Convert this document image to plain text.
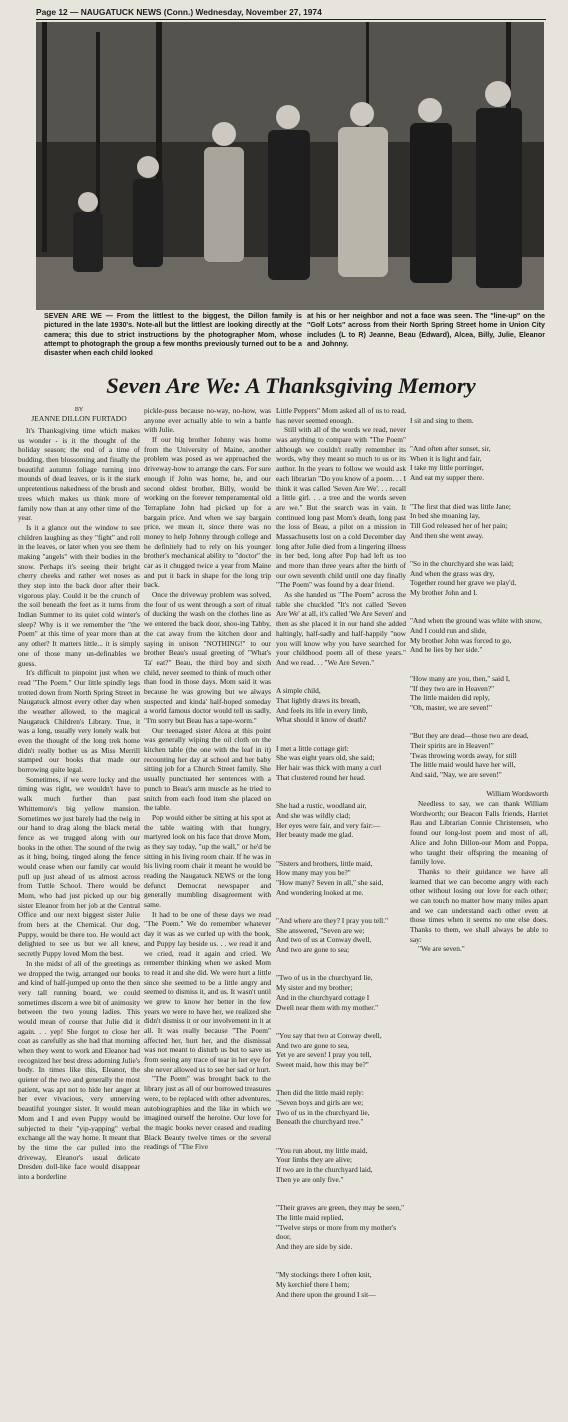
Page 12 — NAUGATUCK NEWS (Conn.) Wednesday, November 27, 1974
SEVEN ARE WE — From the littlest to the biggest, the Dillon family is pictured in the late 1930's. Note-all but the littlest are looking directly at the camera; this due to strict instructions by the photographer Mom, whose attempt to photograph the group a few months previously turned out to be a disaster when each child looked
at his or her neighbor and not a face was seen. The "line-up" on the "Golf Lots" across from their North Spring Street home in Union City includes (L to R) Jeanne, Beau (Edward), Alcea, Billy, Julie, Eleanor and Johnny.
Seven Are We: A Thanksgiving Memory
BY
JEANNE DILLON FURTADO

It's Thanksgiving time which makes us wonder - is it the thought of the holiday season; the end of a time of budding, then blossoming and finally the beautiful autumn foliage turning into mounds of dead leaves, or is it the stark unpretentious nakedness of the brush and trees which makes us think more of family now than at any other time of the year.

Is it a glance out the window to see children laughing as they "fight" and roll in the leaves, or later when you see them making "angels" with their bodies in the snow. Perhaps it's seeing their bright cherry cheeks and rather wet noses as they step into the back door after their vigorous play. Could it be the crunch of the soil beneath the feet as it turns from Indian Summer to its quiet cold winter's sleep? Why is it we remember the "the Poem" at this time of year more than at any other? It matters little... it is simply one of those many un-definables we guess.

It's difficult to pinpoint just when we read "The Poem." Our little spindly legs trotted down from North Spring Street in Naugatuck almost every other day when the weather allowed, to the magical Naugatuck Children's Library. True, it was a long, usually very lonely walk but even the thought of the long trek home didn't really bother us as Miss Merrill stamped our books that made our borrowing quite legal.

Sometimes, if we were lucky and the timing was right, we wouldn't have to walk much further than past Whittemore's big yellow mansion. Sometimes we just barely had the twig in our hand to drag along the black metal fence as we trugged along with our books in the other. The sound of the twig as it bing, boing, tinged along the fence would cease when our family car would pull up just ahead of us almost across from Tuttle School. There would be Mom, who had just picked up our big sister Eleanor from her job at the Central Office and our next biggest sister Julie from hers at the Chemical. Our dog, Puppy, would be there too. He would act delighted to see us but we all knew, secretly Puppy loved Mom the best.

In the midst of all of the greetings as we dropped the twig, arranged our books and kind of half-jumped up onto the then very tall running board, we could sometimes discern a wee bit of animosity between the two young ladies. This would mean of course that Julie did it again. . . yep! She forgot to close her coat as carefully as she had that morning when they went to work and Eleanor had recognized her best dress adorning Julie's body. In times like this, Eleanor, the quieter of the two and generally the most patient, was apt not to hide her anger at her ever vivacious, very unnerving beautiful younger sister. It would mean Mom and I and even Puppy would be subjected to their "yip-yapping" verbal exchange all the way home. It meant that by the time the car pulled into the driveway, Eleanor's usual delicate Dresden doll-like face would disappear into a borderline

pickle-puss because no-way, no-how, was anyone ever actually able to win a battle with Julie.

If our big brother Johnny was home from the University of Maine, another problem was posed as we approached the driveway-how to arrange the cars. For sure enough if John was home, he, and our second oldest brother, Billy, would be working on the forever temperamental old Terraplane John had picked up for a bargain price. And when we say bargain price, we mean it, since there was no money to help Johnny through college and he definitely had to rely on his younger brother's mechanical ability to "doctor" the car as it chugged twice a year from Maine and put it back in shape for the long trip back.

Once the driveway problem was solved, the four of us went through a sort of ritual of ducking the wash on the clothes line as we entered the back door, shoo-ing Tabby, the cat away from the kitchen door and saying in unison "NOTHING!" to our brother Beau's usual greeting of "What's Ta' eat?" Beau, the third boy and sixth child, never seemed to think of much other than food in those days. Mom said it was because he was growing but we always suspected and kinda' half-hoped someday a world famous doctor would tell us sadly, "I'm sorry but Beau has a tape-worm."

Our teenaged sister Alcea at this point was generally wiping the oil cloth on the kitchen table (the one with the leaf in it) recounting her day at school and her baby sitting job for a Church Street family. She usually punctuated her sentences with a punch to Beau's arm muscle as he tried to snitch from each food item she placed on the table.

Pop would either be sitting at his spot at the table waiting with that hungry, martyred look on his face that drove Mom, as they say today, "up the wall," or he'd be sitting in his living room chair. If he was in his living room chair it meant he would be reading the Naugatuck NEWS or the long defunct Democrat newspaper and generally mumbling disagreement with same.

It had to be one of these days we read "The Poem." We do remember whatever day it was as we curled up with the book, and Puppy lay beside us. . . we read it and we cried, read it again and cried. We remember thinking when we asked Mom to read it and she did. We were hurt a little since she seemed to be a little angry and seemed to dismiss it, and us. It wasn't until we grew to know her better in the few years we were to have her, we realized she didn't dismiss it or our involvement in it at all. It was really because "The Poem" affected her, hurt her, and the dismissal was not meant to disturb us but to save us from seeing any trace of tear in her eye for she never allowed us to see her sad or hurt.

"The Poem" was brought back to the library just as all of our borrowed treasures were, to be replaced with other adventures, autobiographies and the like in which we imagined ourself the heroine. Our love for the magic books never ceased and reading Black Beauty twelve times or the several readings of "The Five

Little Peppers" Mom asked all of us to read, has never seemed enough.

Still with all of the words we read, never was anything to compare with "The Poem" although we couldn't really remember its words, why they meant so much to us or its author. In the years to follow we would ask each librarian "Do you know of a poem. . . I think it was called 'Seven Are We'. . . recall a little girl. . . a tree and the words seven are we." But the search was in vain. It continued long past Mom's death, long past the loss of Beau, a pilot on a mission in Massachusetts lost on a cold December day long after Julie died from a lingering illness in her bed, long after Pop had left us too and more than three years after the birth of our own seventh child until one day finally "The Poem" was found by a dear friend.

As she handed us "The Poem" across the table she chuckled "It's not called 'Seven Are We' at all, it's called 'We Are Seven' and then as she placed it in our hand she added haltingly, half-sadly and half-happily "now you will know why you have searched for your childhood poem all of these years." And we read. . . "We Are Seven."

A simple child,
That lightly draws its breath,
And feels its life in every limb,
What should it know of death?

I met a little cottage girl:
She was eight years old, she said;
Her hair was thick with many a curl
That clustered round her head.

She had a rustic, woodland air,
And she was wildly clad;
Her eyes were fair, and very fair:—
Her beauty made me glad.

"Sisters and brothers, little maid,
How many may you be?"
"How many? Seven in all," she said,
And wondering looked at me.

"And where are they? I pray you tell."
She answered, "Seven are we;
And two of us at Conway dwell,
And two are gone to sea;

"Two of us in the churchyard lie,
My sister and my brother;
And in the churchyard cottage I
Dwell near them with my mother."

"You say that two at Conway dwell,
And two are gone to sea,
Yet ye are seven! I pray you tell,
Sweet maid, how this may be?"

Then did the little maid reply:
"Seven boys and girls are we;
Two of us in the churchyard lie,
Beneath the churchyard tree."

"You run about, my little maid,
Your limbs they are alive;
If two are in the churchyard laid,
Then ye are only five."

"Their graves are green, they may be seen,"
The little maid replied,
"Twelve steps or more from my mother's door,
And they are side by side.

"My stockings there I often knit,
My kerchief there I hem;
And there upon the ground I sit—

I sit and sing to them.

"And often after sunset, sir,
When it is light and fair,
I take my little porringer,
And eat my supper there.

"The first that died was little Jane;
In bed she moaning lay,
Till God released her of her pain;
And then she went away.

"So in the churchyard she was laid;
And when the grass was dry,
Together round her grave we play'd,
My brother John and I.

"And when the ground was white with snow,
And I could run and slide,
My brother John was forced to go,
And he lies by her side."

"How many are you, then," said I,
"If they two are in Heaven?"
The little maiden did reply,
"Oh, master, we are seven!"

"But they are dead—those two are dead,
Their spirits are in Heaven!"
'Twas throwing words away, for still
The little maid would have her will,
And said, "Nay, we are seven!"

William Wordsworth

Needless to say, we can thank William Wordworth; our Beacon Falls friends, Harriet Rau and Librarian Connie Christensen, who found our long-lost poem and most of all, Alice and John Dillon-our Mom and Poppa, who taught their offspring the meaning of family love.

Thanks to their guidance we have all learned that we can become angry with each other without losing our love for each other; we can touch no matter how many miles apart and we can understand each other even at those times when it seems no one else does. Thanks to them, we shall always be able to say:

"We are seven."
